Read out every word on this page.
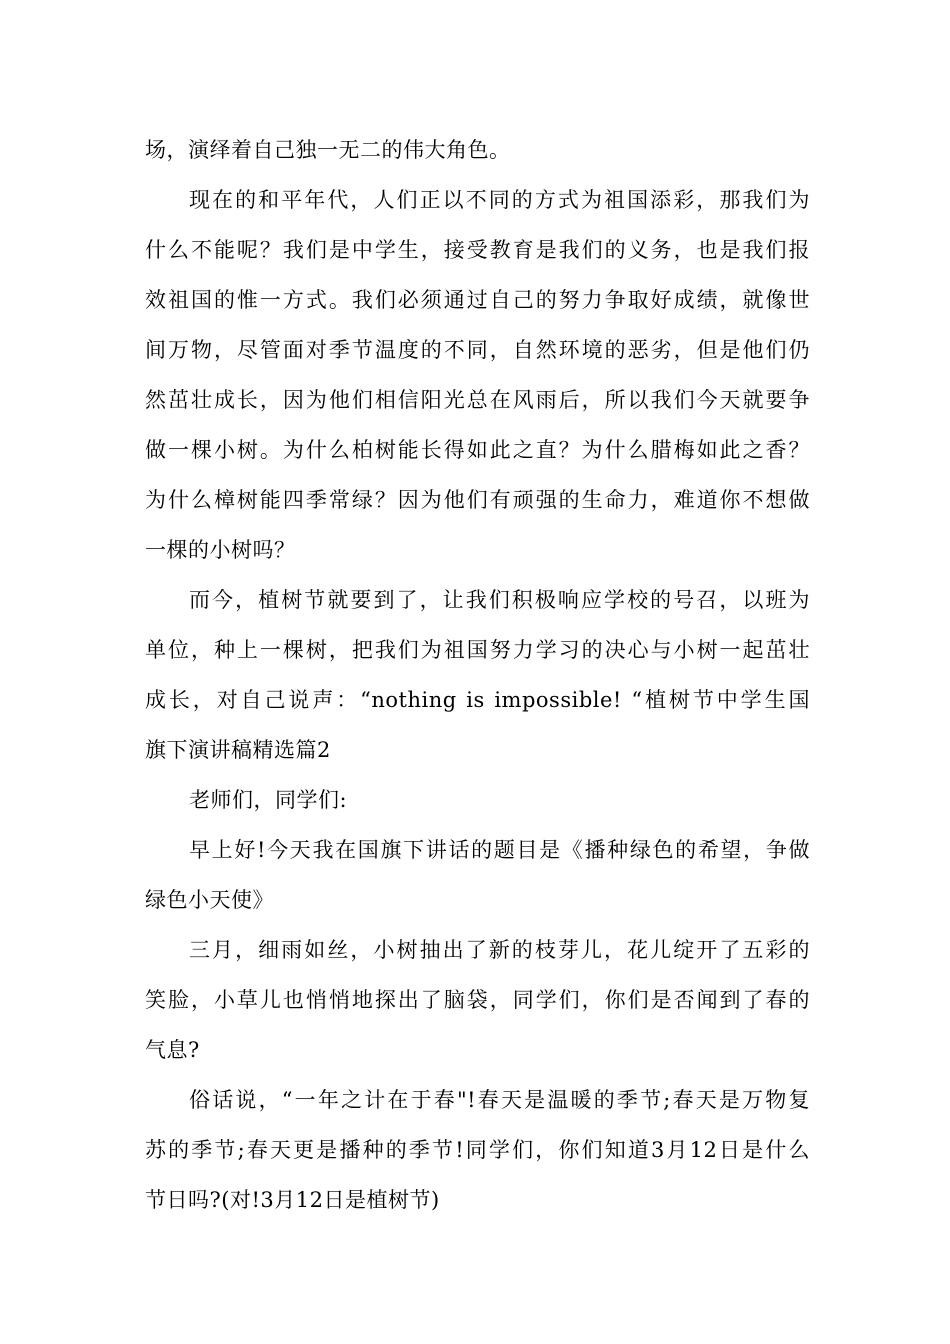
场，演绎着自己独一无二的伟大角色。
现在的和平年代，人们正以不同的方式为祖国添彩，那我们为
什么不能呢？我们是中学生，接受教育是我们的义务，也是我们报
效祖国的惟一方式。我们必须通过自己的努力争取好成绩，就像世
间万物，尽管面对季节温度的不同，自然环境的恶劣，但是他们仍
然茁壮成长，因为他们相信阳光总在风雨后，所以我们今天就要争
做一棵小树。为什么柏树能长得如此之直？为什么腊梅如此之香？
为什么樟树能四季常绿？因为他们有顽强的生命力，难道你不想做
一棵的小树吗？
而今，植树节就要到了，让我们积极响应学校的号召，以班为
单位，种上一棵树，把我们为祖国努力学习的决心与小树一起茁壮
成长，对自己说声：“nothing is impossible! “植树节中学生国
旗下演讲稿精选篇2
老师们，同学们:
早上好!今天我在国旗下讲话的题目是《播种绿色的希望，争做
绿色小天使》
三月，细雨如丝，小树抽出了新的枝芽儿，花儿绽开了五彩的
笑脸，小草儿也悄悄地探出了脑袋，同学们，你们是否闻到了春的
气息?
俗话说，“一年之计在于春"!春天是温暖的季节;春天是万物复
苏的季节;春天更是播种的季节!同学们，你们知道3月12日是什么
节日吗?(对!3月12日是植树节)
